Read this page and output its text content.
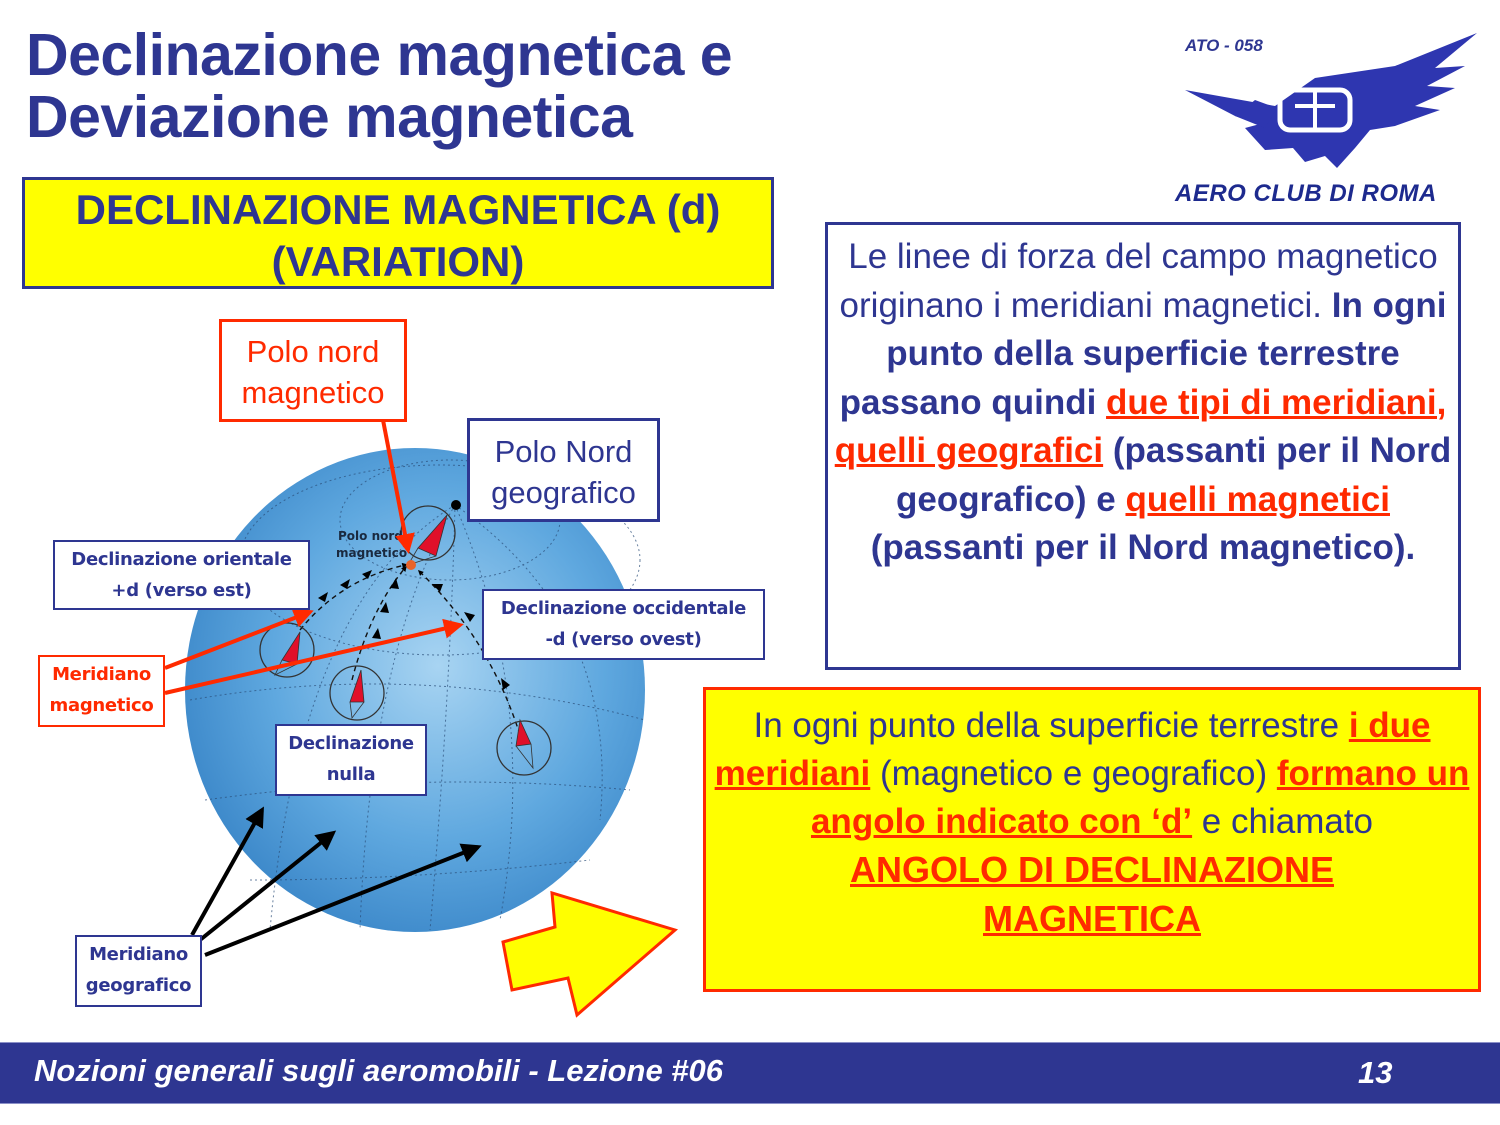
Declinazione magnetica e
Deviazione magnetica
ATO - 058
AERO CLUB DI ROMA
DECLINAZIONE MAGNETICA (d)
(VARIATION)	Le linee di forza del campo magnetico originano i meridiani magnetici. In ogni punto della superficie terrestre passano quindi due tipi di meridiani, quelli geografici (passanti per il Nord geografico) e quelli magnetici (passanti per il Nord magnetico).
Polo nord
magnetico
Polo nord
magnetico
Polo Nord
geografico
Declinazione orientale
+d (verso est)
Declinazione occidentale
-d (verso ovest)
Meridiano
magnetico
Declinazione
nulla
Meridiano
geografico
In ogni punto della superficie terrestre i due meridiani (magnetico e geografico) formano un angolo indicato con ‘d’ e chiamato
ANGOLO DI DECLINAZIONE
MAGNETICA
Nozioni generali sugli aeromobili - Lezione #06	13
